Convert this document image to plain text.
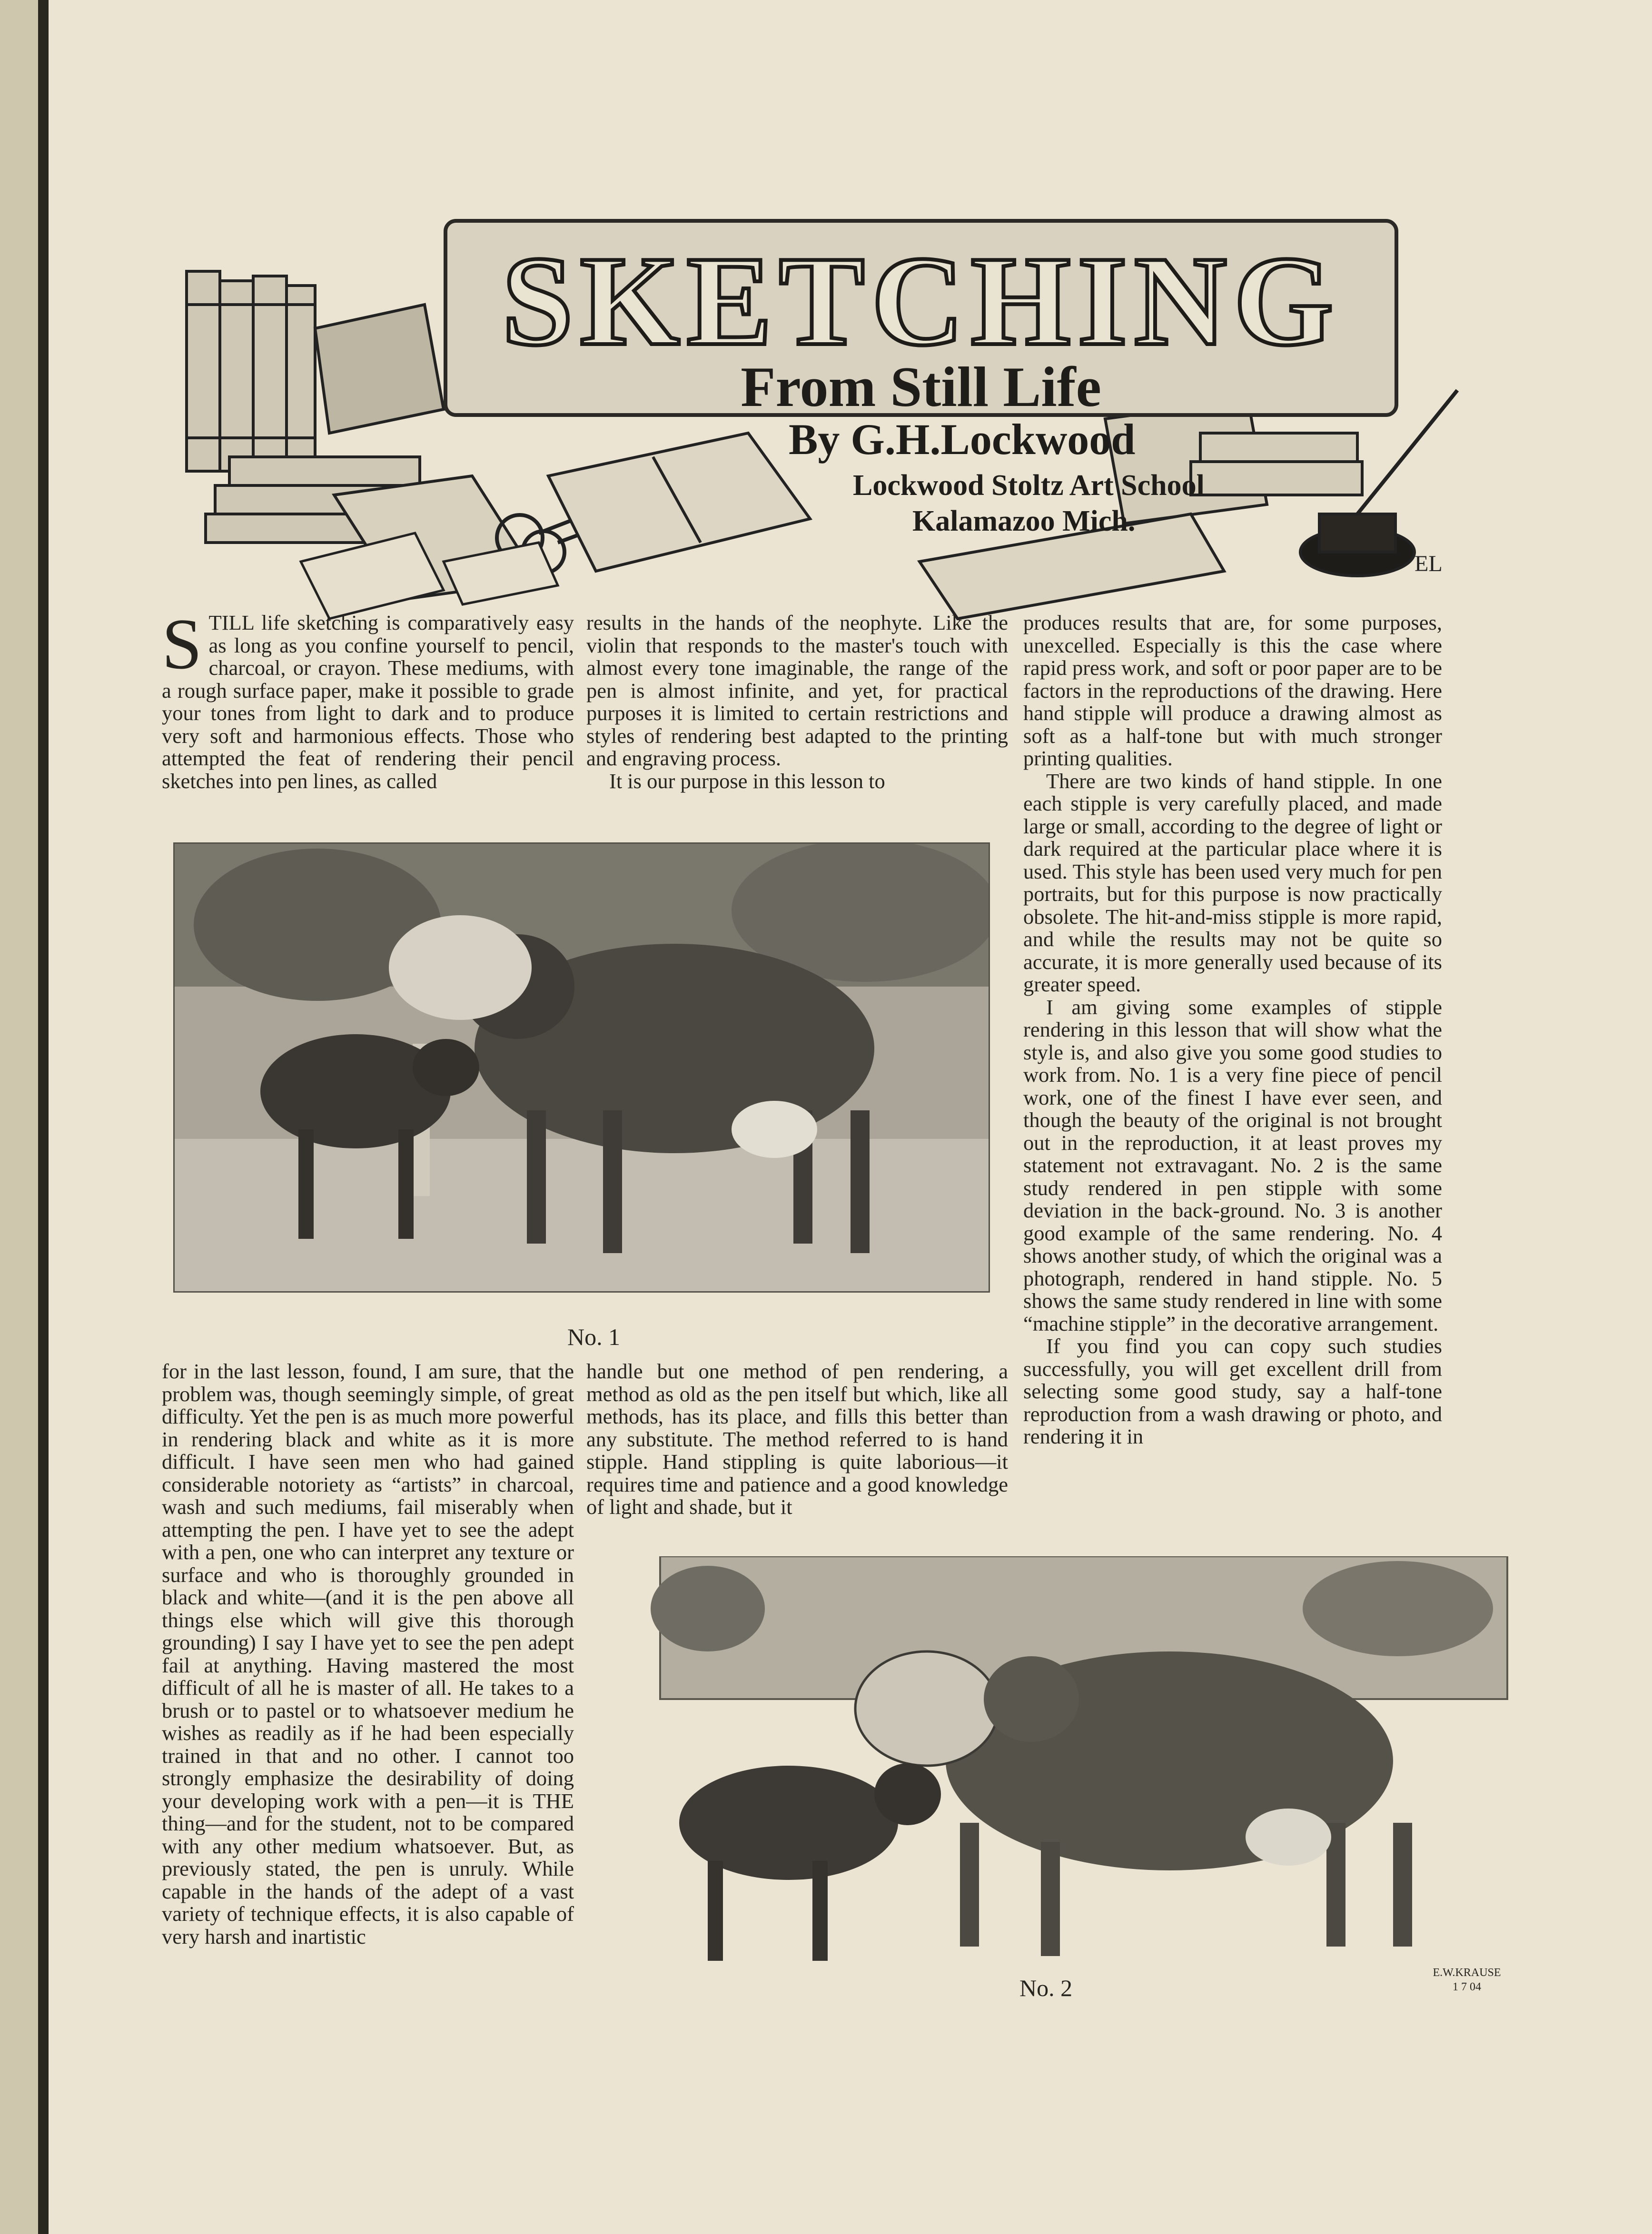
EL
SKETCHING
From Still Life
By G.H.Lockwood
Lockwood Stoltz Art School
Kalamazoo Mich.

STILL life sketching is comparatively easy as long as you confine yourself to pencil, charcoal, or crayon. These mediums, with a rough surface paper, make it possible to grade your tones from light to dark and to produce very soft and harmonious effects. Those who attempted the feat of rendering their pencil sketches into pen lines, as called

results in the hands of the neophyte. Like the violin that responds to the master's touch with almost every tone imaginable, the range of the pen is almost infinite, and yet, for practical purposes it is limited to certain restrictions and styles of rendering best adapted to the printing and engraving process.

It is our purpose in this lesson to

produces results that are, for some purposes, unexcelled. Especially is this the case where rapid press work, and soft or poor paper are to be factors in the reproductions of the drawing. Here hand stipple will produce a drawing almost as soft as a half-tone but with much stronger printing qualities.

There are two kinds of hand stipple. In one each stipple is very carefully placed, and made large or small, according to the degree of light or dark required at the particular place where it is used. This style has been used very much for pen portraits, but for this purpose is now practically obsolete. The hit-and-miss stipple is more rapid, and while the results may not be quite so accurate, it is more generally used because of its greater speed.

I am giving some examples of stipple rendering in this lesson that will show what the style is, and also give you some good studies to work from. No. 1 is a very fine piece of pencil work, one of the finest I have ever seen, and though the beauty of the original is not brought out in the reproduction, it at least proves my statement not extravagant. No. 2 is the same study rendered in pen stipple with some deviation in the back-ground. No. 3 is another good example of the same rendering. No. 4 shows another study, of which the original was a photograph, rendered in hand stipple. No. 5 shows the same study rendered in line with some “machine stipple” in the decorative arrangement.

If you find you can copy such studies successfully, you will get excellent drill from selecting some good study, say a half-tone reproduction from a wash drawing or photo, and rendering it in

No. 1

for in the last lesson, found, I am sure, that the problem was, though seemingly simple, of great difficulty. Yet the pen is as much more powerful in rendering black and white as it is more difficult. I have seen men who had gained considerable notoriety as “artists” in charcoal, wash and such mediums, fail miserably when attempting the pen. I have yet to see the adept with a pen, one who can interpret any texture or surface and who is thoroughly grounded in black and white—(and it is the pen above all things else which will give this thorough grounding) I say I have yet to see the pen adept fail at anything. Having mastered the most difficult of all he is master of all. He takes to a brush or to pastel or to whatsoever medium he wishes as readily as if he had been especially trained in that and no other. I cannot too strongly emphasize the desirability of doing your developing work with a pen—it is THE thing—and for the student, not to be compared with any other medium whatsoever. But, as previously stated, the pen is unruly. While capable in the hands of the adept of a vast variety of technique effects, it is also capable of very harsh and inartistic

handle but one method of pen rendering, a method as old as the pen itself but which, like all methods, has its place, and fills this better than any substitute. The method referred to is hand stipple. Hand stippling is quite laborious—it requires time and patience and a good knowledge of light and shade, but it

E.W.KRAUSE 1 7 04
No. 2
